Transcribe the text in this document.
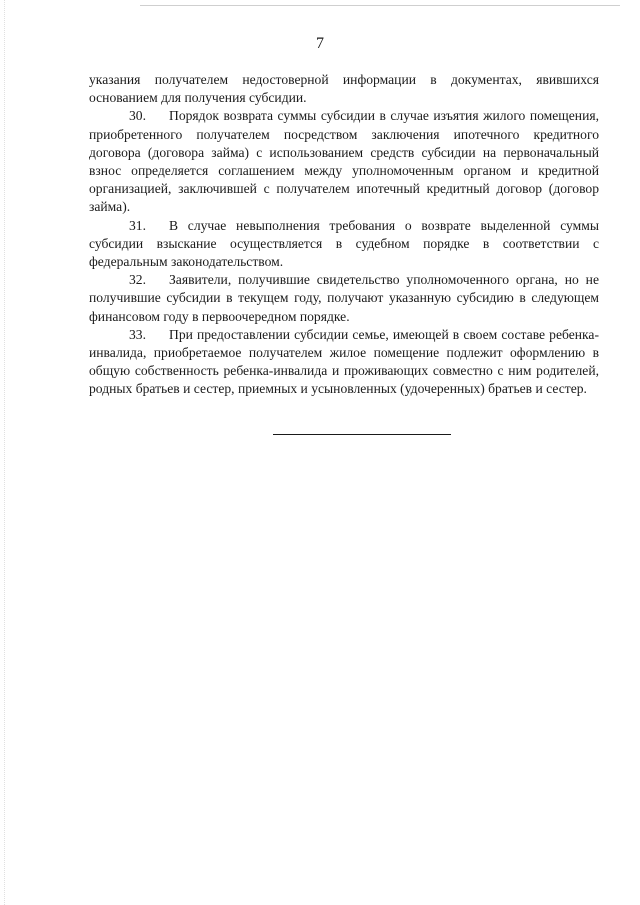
7

указания получателем недостоверной информации в документах, явившихся основанием для получения субсидии.

30. Порядок возврата суммы субсидии в случае изъятия жилого помещения, приобретенного получателем посредством заключения ипотечного кредитного договора (договора займа) с использованием средств субсидии на первоначальный взнос определяется соглашением между уполномоченным органом и кредитной организацией, заключившей с получателем ипотечный кредитный договор (договор займа).

31. В случае невыполнения требования о возврате выделенной суммы субсидии взыскание осуществляется в судебном порядке в соответствии с федеральным законодательством.

32. Заявители, получившие свидетельство уполномоченного органа, но не получившие субсидии в текущем году, получают указанную субсидию в следующем финансовом году в первоочередном порядке.

33. При предоставлении субсидии семье, имеющей в своем составе ребенка-инвалида, приобретаемое получателем жилое помещение подлежит оформлению в общую собственность ребенка-инвалида и проживающих совместно с ним родителей, родных братьев и сестер, приемных и усыновленных (удочеренных) братьев и сестер.
